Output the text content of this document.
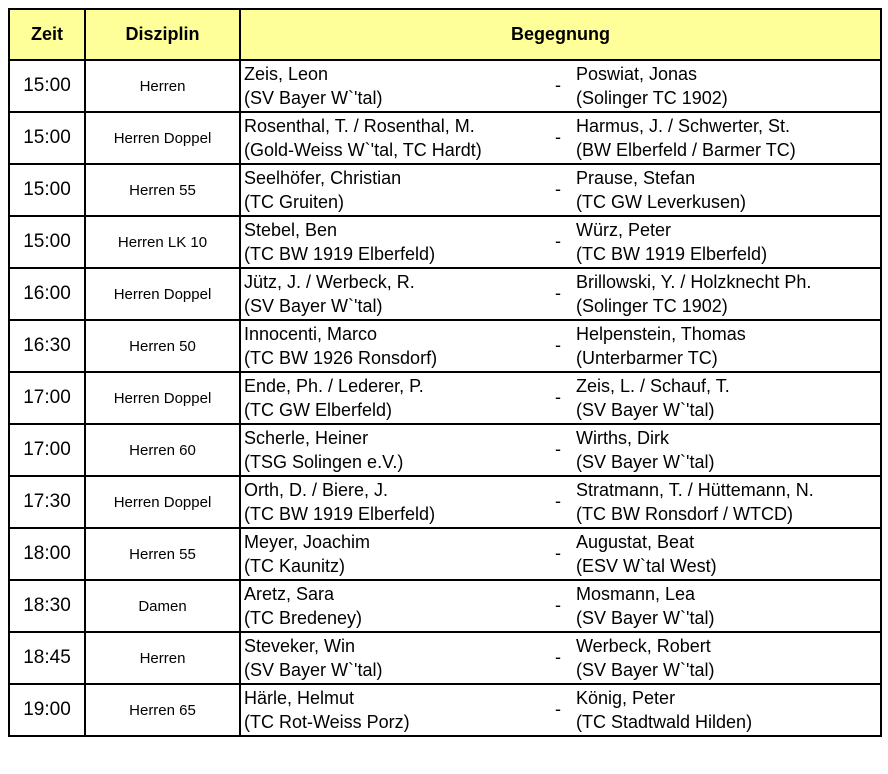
Zeit	Disziplin	Begegnung
15:00	Herren	Zeis, Leon
(SV Bayer W`'tal)
-
Poswiat, Jonas
(Solinger TC 1902)

15:00	Herren Doppel	Rosenthal, T. / Rosenthal, M.
(Gold-Weiss W`'tal, TC Hardt)
-
Harmus, J. / Schwerter, St.
(BW Elberfeld / Barmer TC)

15:00	Herren 55	Seelhöfer, Christian
(TC Gruiten)
-
Prause, Stefan
(TC GW Leverkusen)

15:00	Herren LK 10	Stebel, Ben
(TC BW 1919 Elberfeld)
-
Würz, Peter
(TC BW 1919 Elberfeld)

16:00	Herren Doppel	Jütz, J. / Werbeck, R.
(SV Bayer W`'tal)
-
Brillowski, Y. / Holzknecht Ph.
(Solinger TC 1902)

16:30	Herren 50	Innocenti, Marco
(TC BW 1926 Ronsdorf)
-
Helpenstein, Thomas
(Unterbarmer TC)

17:00	Herren Doppel	Ende, Ph. / Lederer, P.
(TC GW Elberfeld)
-
Zeis, L. / Schauf, T.
(SV Bayer W`'tal)

17:00	Herren 60	Scherle, Heiner
(TSG Solingen e.V.)
-
Wirths, Dirk
(SV Bayer W`'tal)

17:30	Herren Doppel	Orth, D. / Biere, J.
(TC BW 1919 Elberfeld)
-
Stratmann, T. / Hüttemann, N.
(TC BW Ronsdorf / WTCD)

18:00	Herren 55	Meyer, Joachim
(TC Kaunitz)
-
Augustat, Beat
(ESV W`tal West)

18:30	Damen	Aretz, Sara
(TC Bredeney)
-
Mosmann, Lea
(SV Bayer W`'tal)

18:45	Herren	Steveker, Win
(SV Bayer W`'tal)
-
Werbeck, Robert
(SV Bayer W`'tal)

19:00	Herren 65	Härle, Helmut
(TC Rot-Weiss Porz)
-
König, Peter
(TC Stadtwald Hilden)
